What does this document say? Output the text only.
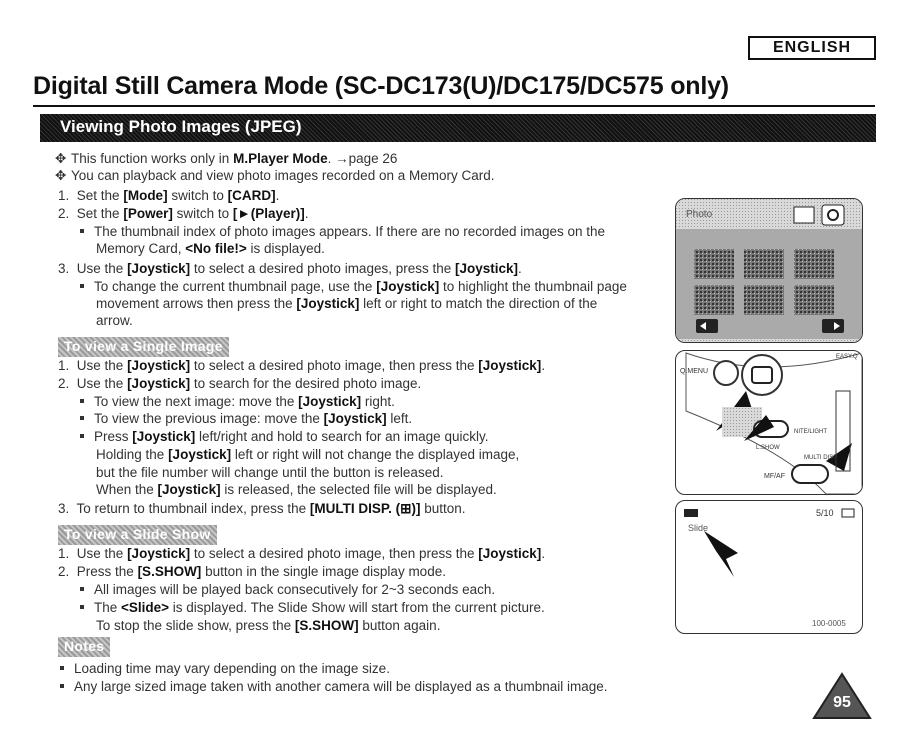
ENGLISH
Digital Still Camera Mode (SC-DC173(U)/DC175/DC575 only)
Viewing Photo Images (JPEG)
✥ This function works only in M.Player Mode. →page 26
✥ You can playback and view photo images recorded on a Memory Card.
1. Set the [Mode] switch to [CARD].
2. Set the [Power] switch to [►(Player)].
The thumbnail index of photo images appears. If there are no recorded images on the
Memory Card, <No file!> is displayed.
3. Use the [Joystick] to select a desired photo images, press the [Joystick].
To change the current thumbnail page, use the [Joystick] to highlight the thumbnail page
movement arrows then press the [Joystick] left or right to match the direction of the
arrow.
To view a Single Image
1. Use the [Joystick] to select a desired photo image, then press the [Joystick].
2. Use the [Joystick] to search for the desired photo image.
To view the next image: move the [Joystick] right.
To view the previous image: move the [Joystick] left.
Press [Joystick] left/right and hold to search for an image quickly.
Holding the [Joystick] left or right will not change the displayed image,
but the file number will change until the button is released.
When the [Joystick] is released, the selected file will be displayed.
3. To return to thumbnail index, press the [MULTI DISP. (⊞)] button.
To view a Slide Show
1. Use the [Joystick] to select a desired photo image, then press the [Joystick].
2. Press the [S.SHOW] button in the single image display mode.
All images will be played back consecutively for 2~3 seconds each.
The <Slide> is displayed. The Slide Show will start from the current picture.
To stop the slide show, press the [S.SHOW] button again.
Notes
Loading time may vary depending on the image size.
Any large sized image taken with another camera will be displayed as a thumbnail image.
Photo
Q.MENU
EASY.Q
NITE/LIGHT
L.SHOW
MULTI DISP
MF/AF
5/10
Slide
100-0005
95
